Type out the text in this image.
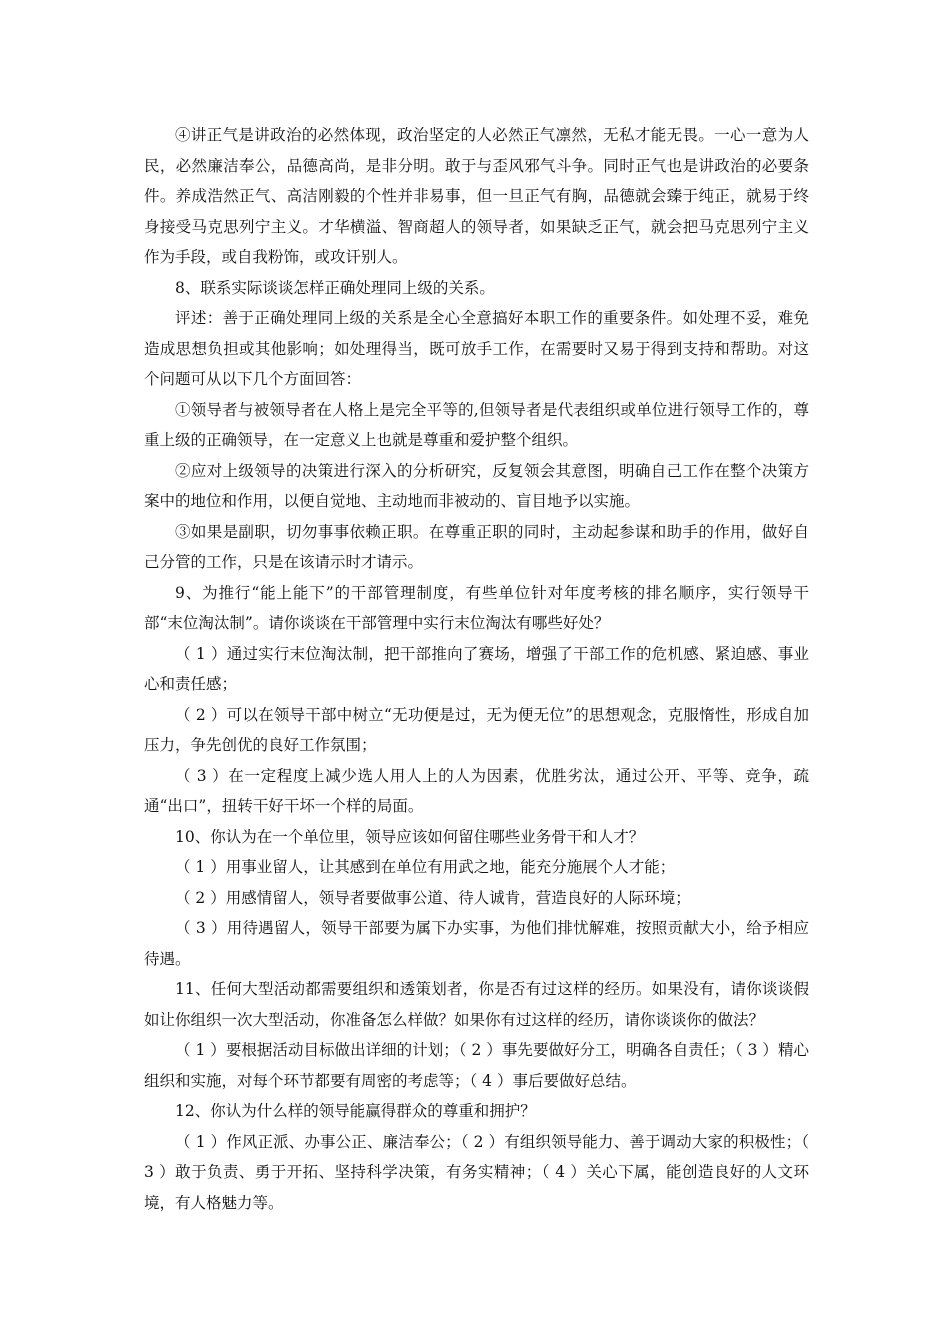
④讲正气是讲政治的必然体现，政治坚定的人必然正气凛然，无私才能无畏。一心一意为人民，必然廉洁奉公，品德高尚，是非分明。敢于与歪风邪气斗争。同时正气也是讲政治的必要条件。养成浩然正气、高洁刚毅的个性并非易事，但一旦正气有胸，品德就会臻于纯正，就易于终身接受马克思列宁主义。才华横溢、智商超人的领导者，如果缺乏正气，就会把马克思列宁主义作为手段，或自我粉饰，或攻讦别人。

8、联系实际谈谈怎样正确处理同上级的关系。

评述：善于正确处理同上级的关系是全心全意搞好本职工作的重要条件。如处理不妥，难免造成思想负担或其他影响；如处理得当，既可放手工作，在需要时又易于得到支持和帮助。对这个问题可从以下几个方面回答：

①领导者与被领导者在人格上是完全平等的,但领导者是代表组织或单位进行领导工作的，尊重上级的正确领导，在一定意义上也就是尊重和爱护整个组织。

②应对上级领导的决策进行深入的分析研究，反复领会其意图，明确自己工作在整个决策方案中的地位和作用，以便自觉地、主动地而非被动的、盲目地予以实施。

③如果是副职，切勿事事依赖正职。在尊重正职的同时，主动起参谋和助手的作用，做好自己分管的工作，只是在该请示时才请示。

9、为推行“能上能下”的干部管理制度，有些单位针对年度考核的排名顺序，实行领导干部“末位淘汰制”。请你谈谈在干部管理中实行末位淘汰有哪些好处？

（ 1 ）通过实行末位淘汰制，把干部推向了赛场，增强了干部工作的危机感、紧迫感、事业心和责任感；

（ 2 ）可以在领导干部中树立“无功便是过，无为便无位”的思想观念，克服惰性，形成自加压力，争先创优的良好工作氛围；

（ 3 ）在一定程度上减少选人用人上的人为因素，优胜劣汰，通过公开、平等、竞争，疏通“出口”，扭转干好干坏一个样的局面。

10、你认为在一个单位里，领导应该如何留住哪些业务骨干和人才？

（ 1 ）用事业留人，让其感到在单位有用武之地，能充分施展个人才能；

（ 2 ）用感情留人，领导者要做事公道、待人诚肯，营造良好的人际环境；

（ 3 ）用待遇留人，领导干部要为属下办实事，为他们排忧解难，按照贡献大小，给予相应待遇。

11、任何大型活动都需要组织和透策划者，你是否有过这样的经历。如果没有，请你谈谈假如让你组织一次大型活动，你准备怎么样做？如果你有过这样的经历，请你谈谈你的做法？

（ 1 ）要根据活动目标做出详细的计划；（ 2 ）事先要做好分工，明确各自责任；（ 3 ）精心组织和实施，对每个环节都要有周密的考虑等；（ 4 ）事后要做好总结。

12、你认为什么样的领导能赢得群众的尊重和拥护？

（ 1 ）作风正派、办事公正、廉洁奉公；（ 2 ）有组织领导能力、善于调动大家的积极性；（ 3 ）敢于负责、勇于开拓、坚持科学决策，有务实精神；（ 4 ）关心下属，能创造良好的人文环境，有人格魅力等。
